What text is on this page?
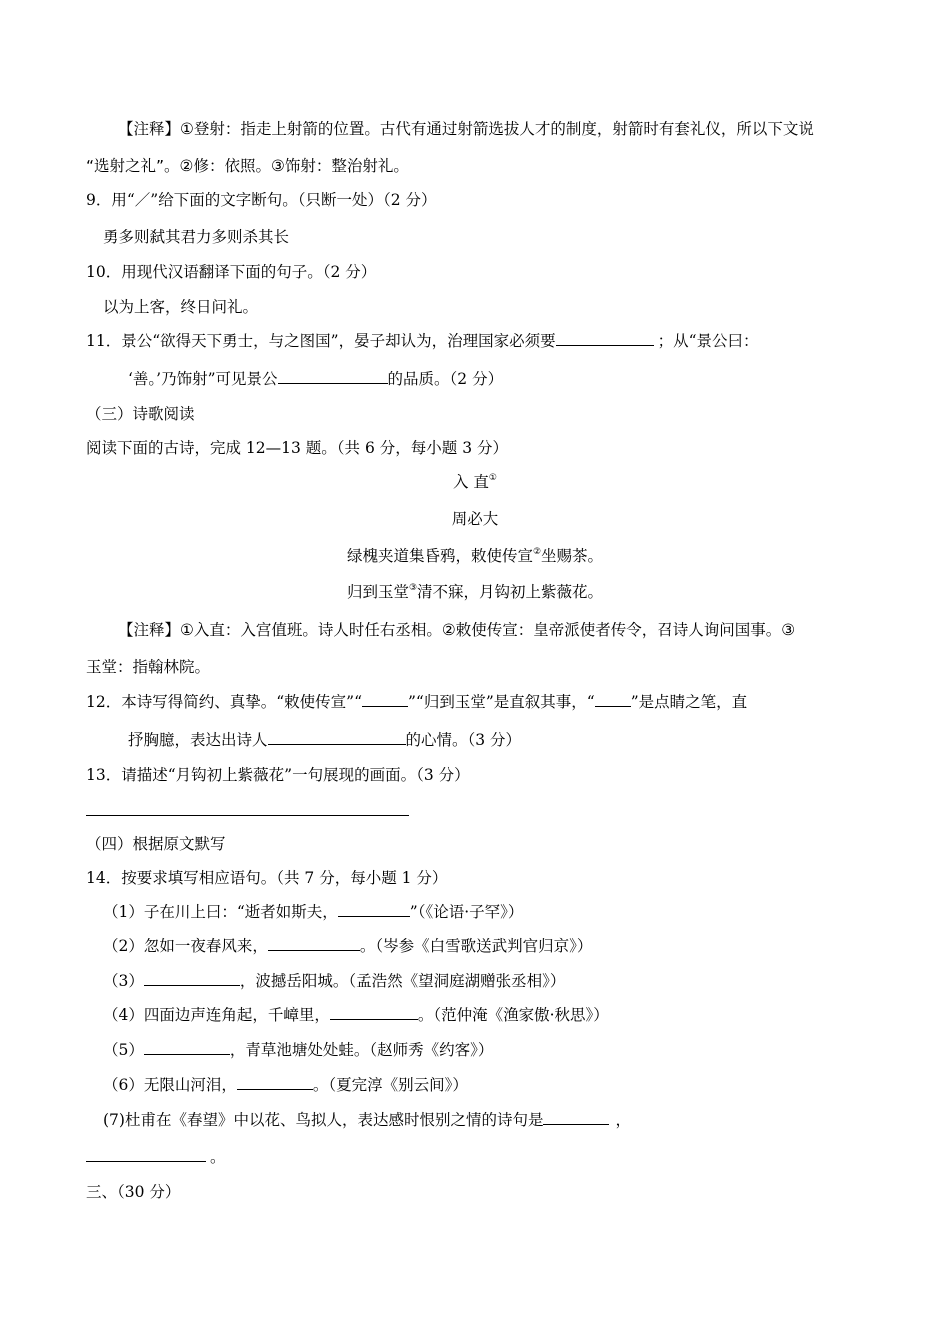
【注释】①登射：指走上射箭的位置。古代有通过射箭选拔人才的制度，射箭时有套礼仪，所以下文说
“选射之礼”。②修：依照。③饰射：整治射礼。
9．用“／”给下面的文字断句。（只断一处）（2 分）
勇多则弑其君力多则杀其长
10．用现代汉语翻译下面的句子。（2 分）
以为上客，终日问礼。
11．景公“欲得天下勇士，与之图国”，晏子却认为，治理国家必须要	；从“景公曰：
‘善。’乃饰射”可见景公	的品质。（2 分）
（三）诗歌阅读
阅读下面的古诗，完成 12—13 题。（共 6 分，每小题 3 分）
入 直①
周必大
绿槐夹道集昏鸦，敕使传宣②坐赐茶。
归到玉堂③清不寐，月钩初上紫薇花。
【注释】①入直：入宫值班。诗人时任右丞相。②敕使传宣：皇帝派使者传令，召诗人询问国事。③
玉堂：指翰林院。
12．本诗写得简约、真挚。“敕使传宣”“	”“归到玉堂”是直叙其事，“ ”是点睛之笔，直
抒胸臆，表达出诗人	的心情。（3 分）
13．请描述“月钩初上紫薇花”一句展现的画面。（3 分）
（四）根据原文默写
14．按要求填写相应语句。（共 7 分，每小题 1 分）
（1）子在川上曰：“逝者如斯夫，	”（《论语·子罕》）
（2）忽如一夜春风来，	。（岑参《白雪歌送武判官归京》）
（3）	，波撼岳阳城。（孟浩然《望洞庭湖赠张丞相》）
（4）四面边声连角起，千嶂里，	。（范仲淹《渔家傲·秋思》）
（5）	，青草池塘处处蛙。（赵师秀《约客》）
（6）无限山河泪，	。（夏完淳《别云间》）
(7)杜甫在《春望》中以花、鸟拟人，表达感时恨别之情的诗句是	，
。
三、（30 分）
